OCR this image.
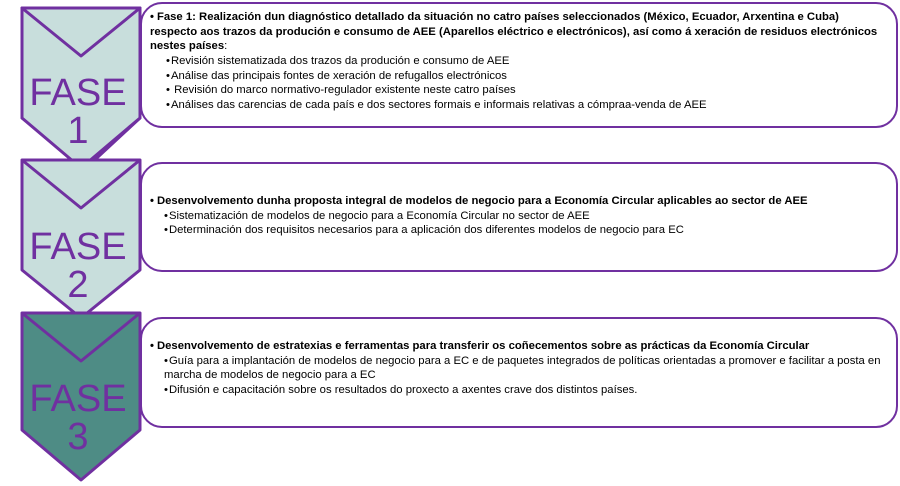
FASE 1
FASE 2
FASE 3
• Fase 1: Realización dun diagnóstico detallado da situación no catro países seleccionados (México, Ecuador, Arxentina e Cuba) respecto aos trazos da produción e consumo de AEE (Aparellos eléctrico e electrónicos), así como á xeración de residuos electrónicos nestes países:
•Revisión sistematizada dos trazos da produción e consumo de AEE
•Análise das principais fontes de xeración de refugallos electrónicos
• Revisión do marco normativo-regulador existente neste catro países
•Análises das carencias de cada país e dos sectores formais e informais relativas a cómpraa-venda de AEE
• Desenvolvemento dunha proposta integral de modelos de negocio para a Economía Circular aplicables ao sector de AEE
•Sistematización de modelos de negocio para a Economía Circular no sector de AEE
•Determinación dos requisitos necesarios para a aplicación dos diferentes modelos de negocio para EC
• Desenvolvemento de estratexias e ferramentas para transferir os coñecementos sobre as prácticas da Economía Circular
•Guía para a implantación de modelos de negocio para a EC e de paquetes integrados de políticas orientadas a promover e facilitar a posta en marcha de modelos de negocio para a EC
•Difusión e capacitación sobre os resultados do proxecto a axentes crave dos distintos países.
